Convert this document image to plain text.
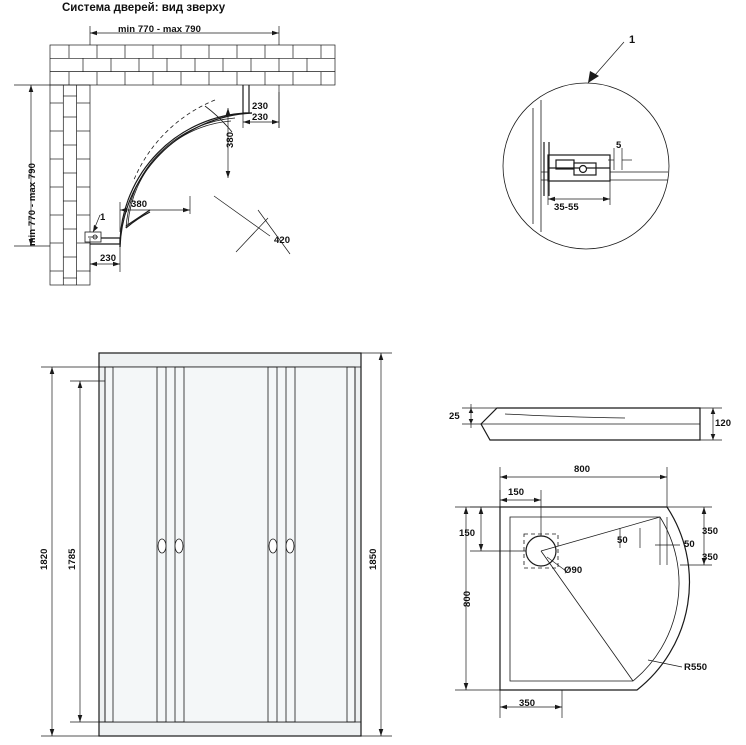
Система дверей: вид зверху
min 770 - max 790
min 770 - max 790
230
230
380
380
230
420
1
1
5
35-55
1820 1785	1850
25
120
800
150
150
Ø90
50	50
350
350
800
350
R550
